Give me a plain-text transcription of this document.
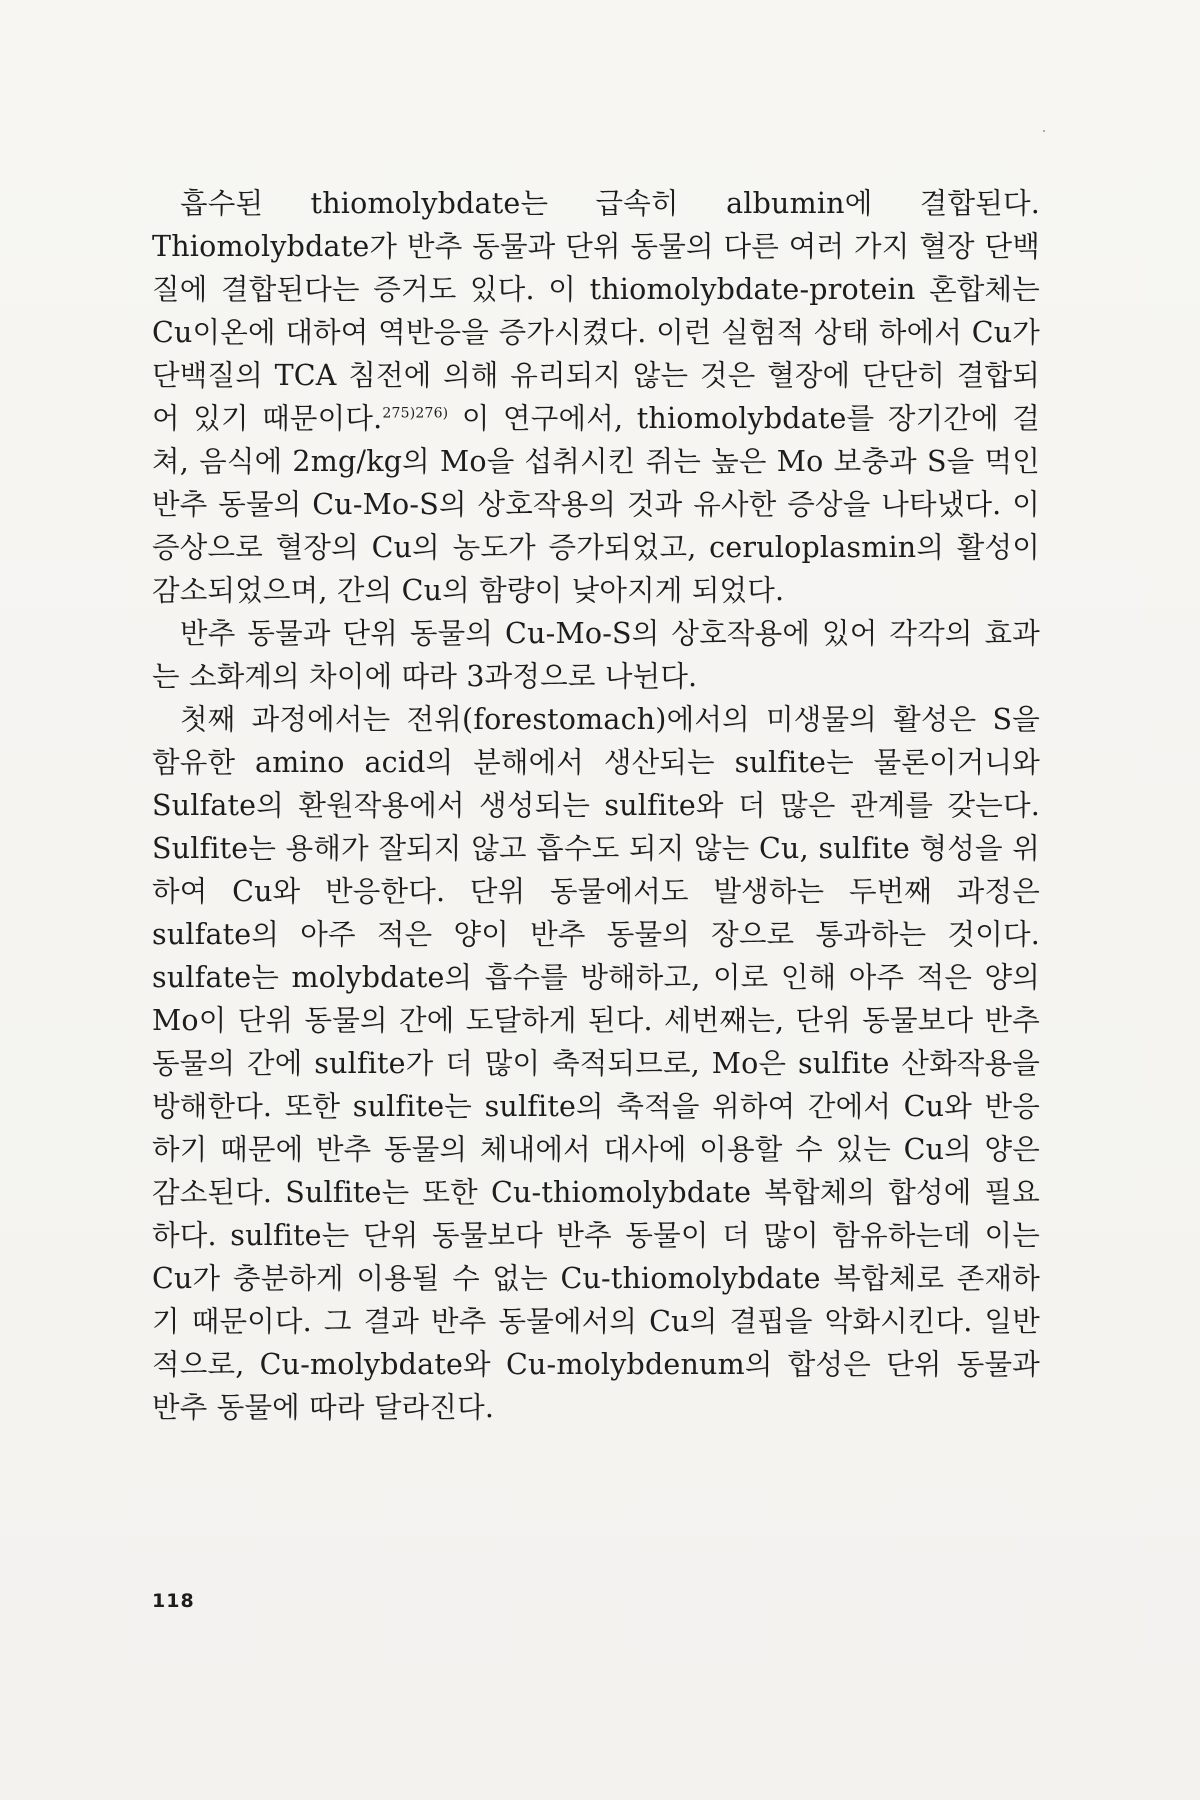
흡수된 thiomolybdate는 급속히 albumin에 결합된다. Thiomolybdate가 반추 동물과 단위 동물의 다른 여러 가지 혈장 단백질에 결합된다는 증거도 있다. 이 thiomolybdate-protein 혼합체는 Cu이온에 대하여 역반응을 증가시켰다. 이런 실험적 상태 하에서 Cu가 단백질의 TCA 침전에 의해 유리되지 않는 것은 혈장에 단단히 결합되어 있기 때문이다.$^{275)276)}$ 이 연구에서, thiomolybdate를 장기간에 걸쳐, 음식에 2mg/kg의 Mo을 섭취시킨 쥐는 높은 Mo 보충과 S을 먹인 반추 동물의 Cu-Mo-S의 상호작용의 것과 유사한 증상을 나타냈다. 이 증상으로 혈장의 Cu의 농도가 증가되었고, ceruloplasmin의 활성이 감소되었으며, 간의 Cu의 함량이 낮아지게 되었다.

반추 동물과 단위 동물의 Cu-Mo-S의 상호작용에 있어 각각의 효과는 소화계의 차이에 따라 3과정으로 나뉜다.

첫째 과정에서는 전위(forestomach)에서의 미생물의 활성은 S을 함유한 amino acid의 분해에서 생산되는 sulfite는 물론이거니와 Sulfate의 환원작용에서 생성되는 sulfite와 더 많은 관계를 갖는다. Sulfite는 용해가 잘되지 않고 흡수도 되지 않는 Cu, sulfite 형성을 위하여 Cu와 반응한다. 단위 동물에서도 발생하는 두번째 과정은 sulfate의 아주 적은 양이 반추 동물의 장으로 통과하는 것이다. sulfate는 molybdate의 흡수를 방해하고, 이로 인해 아주 적은 양의 Mo이 단위 동물의 간에 도달하게 된다. 세번째는, 단위 동물보다 반추 동물의 간에 sulfite가 더 많이 축적되므로, Mo은 sulfite 산화작용을 방해한다. 또한 sulfite는 sulfite의 축적을 위하여 간에서 Cu와 반응하기 때문에 반추 동물의 체내에서 대사에 이용할 수 있는 Cu의 양은 감소된다. Sulfite는 또한 Cu-thiomolybdate 복합체의 합성에 필요하다. sulfite는 단위 동물보다 반추 동물이 더 많이 함유하는데 이는 Cu가 충분하게 이용될 수 없는 Cu-thiomolybdate 복합체로 존재하기 때문이다. 그 결과 반추 동물에서의 Cu의 결핍을 악화시킨다. 일반적으로, Cu-molybdate와 Cu-molybdenum의 합성은 단위 동물과 반추 동물에 따라 달라진다.

118
